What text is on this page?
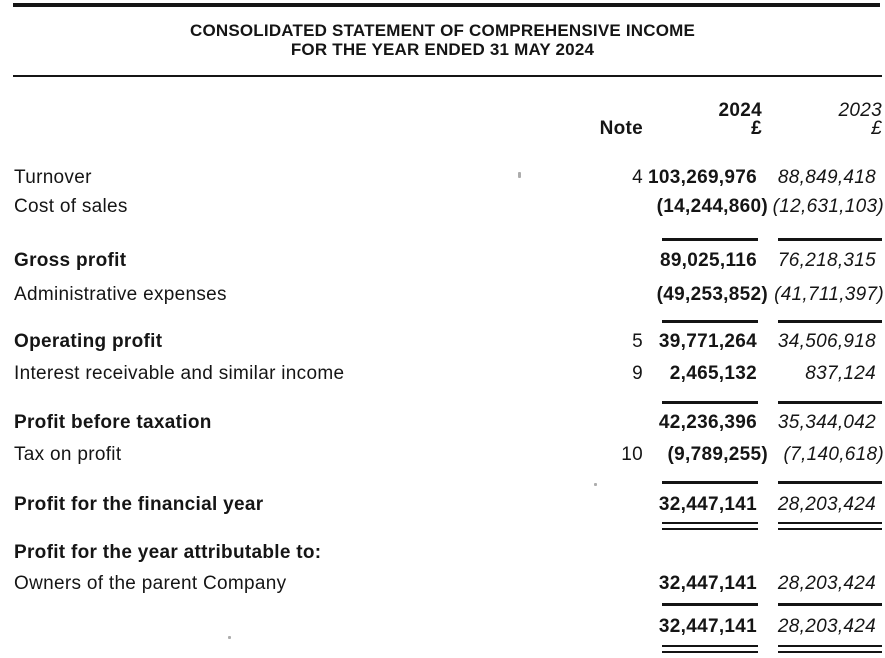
CONSOLIDATED STATEMENT OF COMPREHENSIVE INCOME
FOR THE YEAR ENDED 31 MAY 2024
2024	2023
Note	£	£
Turnover	4 103,269,976	88,849,418
Cost of sales	(14,244,860) (12,631,103)
Gross profit	89,025,116	76,218,315
Administrative expenses	(49,253,852) (41,711,397)
Operating profit	5 39,771,264	34,506,918
Interest receivable and similar income	9	2,465,132	837,124
Profit before taxation	42,236,396	35,344,042
Tax on profit	10	(9,789,255) (7,140,618)
Profit for the financial year	32,447,141	28,203,424
Profit for the year attributable to:
Owners of the parent Company	32,447,141	28,203,424
32,447,141	28,203,424
